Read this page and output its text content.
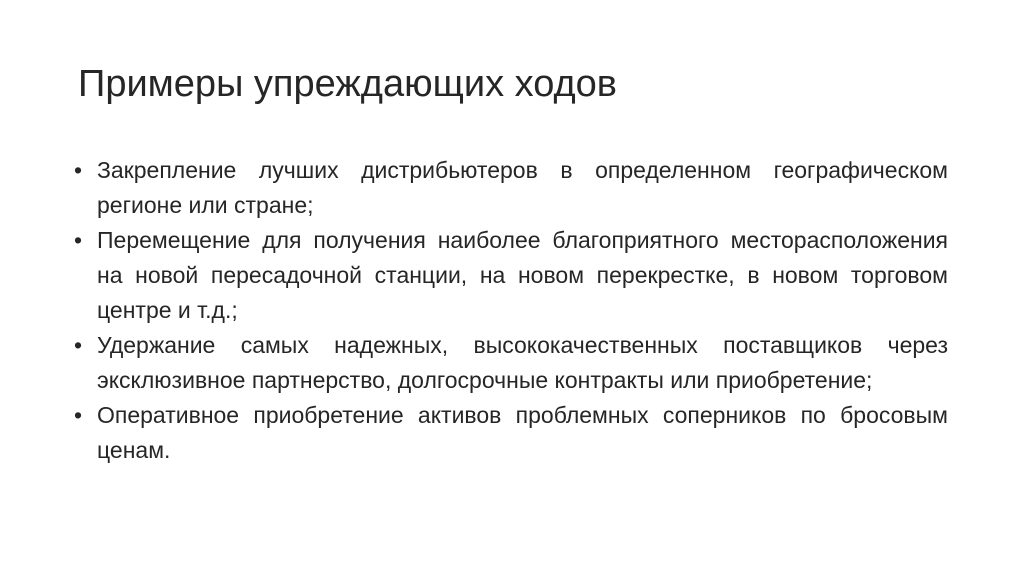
Примеры упреждающих ходов
• Закрепление лучших дистрибьютеров в определенном географическом регионе или стране;
• Перемещение для получения наиболее благоприятного месторасположения на новой пересадочной станции, на новом перекрестке, в новом торговом центре и т.д.;
• Удержание самых надежных, высококачественных поставщиков через эксклюзивное партнерство, долгосрочные контракты или приобретение;
• Оперативное приобретение активов проблемных соперников по бросовым ценам.
